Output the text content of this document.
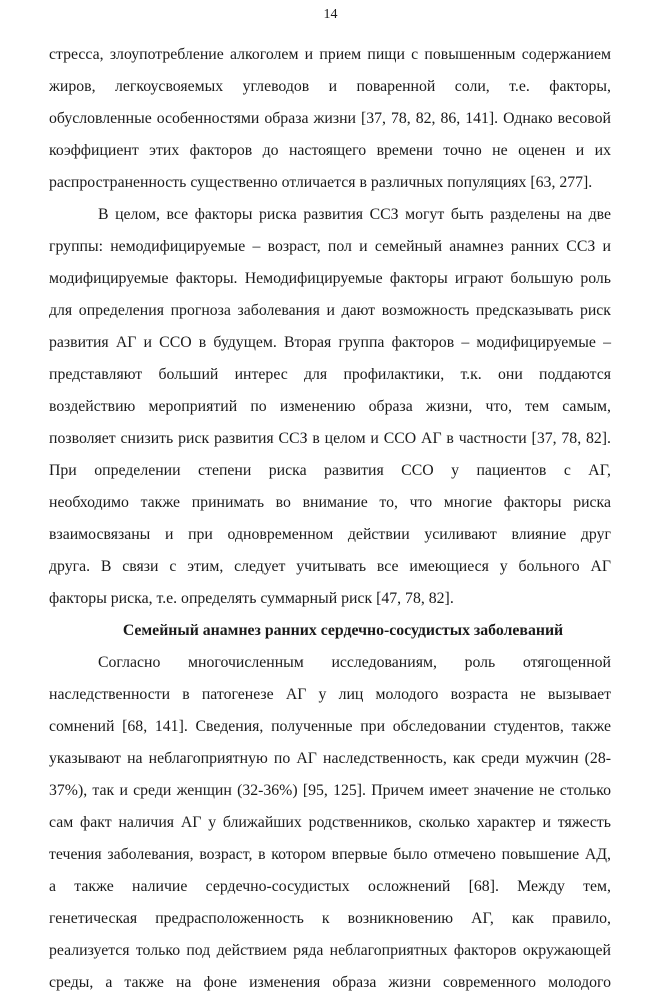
14
стресса, злоупотребление алкоголем и прием пищи с повышенным содержанием
жиров, легкоусвояемых углеводов и поваренной соли, т.е. факторы,
обусловленные особенностями образа жизни [37, 78, 82, 86, 141]. Однако весовой
коэффициент этих факторов до настоящего времени точно не оценен и их
распространенность существенно отличается в различных популяциях [63, 277].
В целом, все факторы риска развития ССЗ могут быть разделены на две
группы: немодифицируемые – возраст, пол и семейный анамнез ранних ССЗ и
модифицируемые факторы. Немодифицируемые факторы играют большую роль
для определения прогноза заболевания и дают возможность предсказывать риск
развития АГ и ССО в будущем. Вторая группа факторов – модифицируемые –
представляют больший интерес для профилактики, т.к. они поддаются
воздействию мероприятий по изменению образа жизни, что, тем самым,
позволяет снизить риск развития ССЗ в целом и ССО АГ в частности [37, 78, 82].
При определении степени риска развития ССО у пациентов с АГ,
необходимо также принимать во внимание то, что многие факторы риска
взаимосвязаны и при одновременном действии усиливают влияние друг
друга. В связи с этим, следует учитывать все имеющиеся у больного АГ
факторы риска, т.е. определять суммарный риск [47, 78, 82].
Семейный анамнез ранних сердечно-сосудистых заболеваний
Согласно многочисленным исследованиям, роль отягощенной
наследственности в патогенезе АГ у лиц молодого возраста не вызывает
сомнений [68, 141]. Сведения, полученные при обследовании студентов, также
указывают на неблагоприятную по АГ наследственность, как среди мужчин (28-
37%), так и среди женщин (32-36%) [95, 125]. Причем имеет значение не столько
сам факт наличия АГ у ближайших родственников, сколько характер и тяжесть
течения заболевания, возраст, в котором впервые было отмечено повышение АД,
а также наличие сердечно-сосудистых осложнений [68]. Между тем,
генетическая предрасположенность к возникновению АГ, как правило,
реализуется только под действием ряда неблагоприятных факторов окружающей
среды, а также на фоне изменения образа жизни современного молодого
